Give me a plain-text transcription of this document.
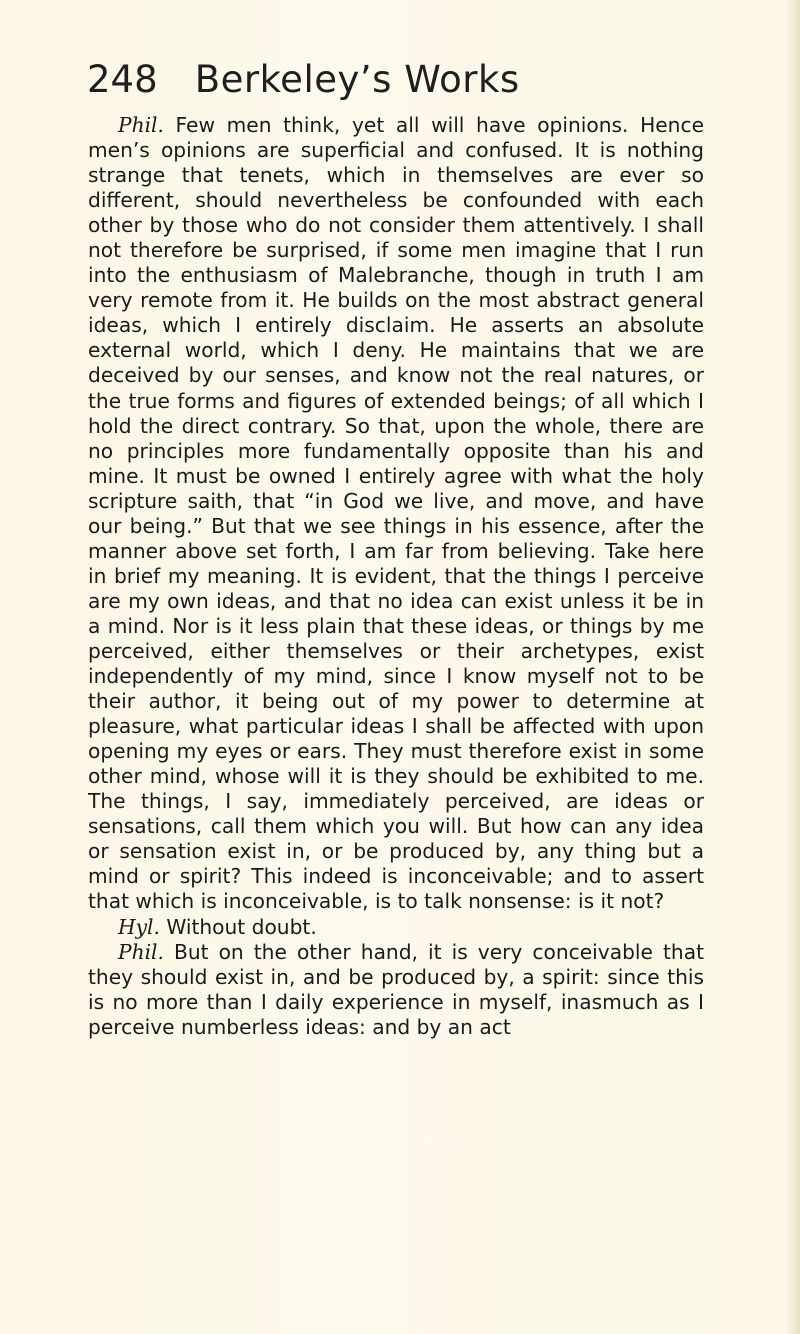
248 Berkeley’s Works

Phil. Few men think, yet all will have opinions. Hence men’s opinions are superficial and confused. It is nothing strange that tenets, which in themselves are ever so different, should nevertheless be confounded with each other by those who do not consider them attentively. I shall not therefore be surprised, if some men imagine that I run into the enthusiasm of Malebranche, though in truth I am very remote from it. He builds on the most abstract general ideas, which I entirely disclaim. He asserts an absolute external world, which I deny. He maintains that we are deceived by our senses, and know not the real natures, or the true forms and figures of extended beings; of all which I hold the direct contrary. So that, upon the whole, there are no principles more fundamentally opposite than his and mine. It must be owned I entirely agree with what the holy scripture saith, that “in God we live, and move, and have our being.” But that we see things in his essence, after the manner above set forth, I am far from believing. Take here in brief my meaning. It is evident, that the things I perceive are my own ideas, and that no idea can exist unless it be in a mind. Nor is it less plain that these ideas, or things by me perceived, either themselves or their archetypes, exist independently of my mind, since I know myself not to be their author, it being out of my power to determine at pleasure, what particular ideas I shall be affected with upon opening my eyes or ears. They must therefore exist in some other mind, whose will it is they should be exhibited to me. The things, I say, immediately perceived, are ideas or sensations, call them which you will. But how can any idea or sensation exist in, or be produced by, any thing but a mind or spirit? This indeed is inconceivable; and to assert that which is inconceivable, is to talk nonsense: is it not?

Hyl. Without doubt.

Phil. But on the other hand, it is very conceivable that they should exist in, and be produced by, a spirit: since this is no more than I daily experience in myself, inasmuch as I perceive numberless ideas: and by an act
